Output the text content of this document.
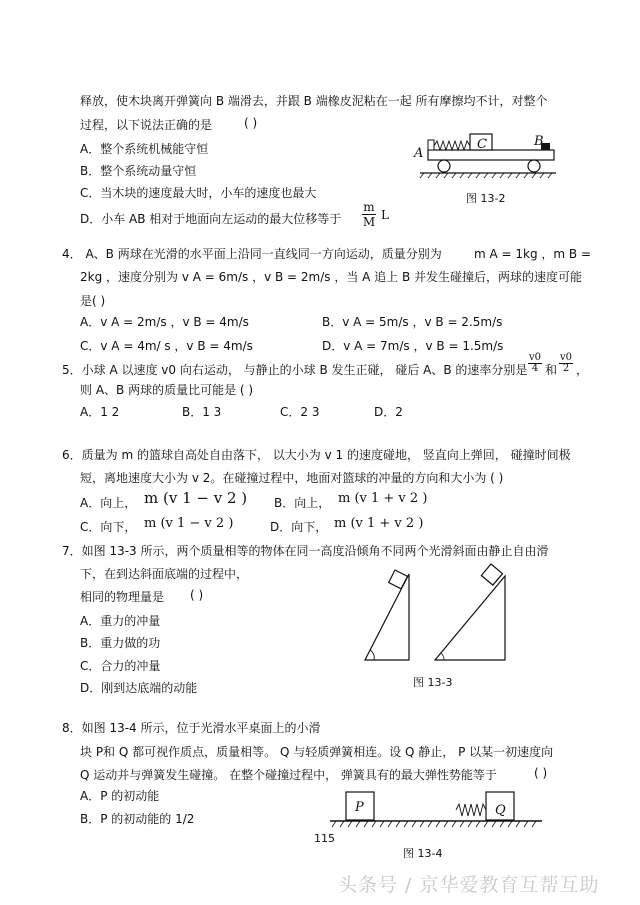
释放，使木块离开弹簧向 B 端滑去，并跟 B 端橡皮泥粘在一起 所有摩擦均不计，对整个
过程，以下说法正确的是	( )
A．整个系统机械能守恒
B．整个系统动量守恒
C．当木块的速度最大时，小车的速度也最大
D．小车 AB 相对于地面向左运动的最大位移等于 $\frac{m}{M}$ L
A
C	B
图 13-2
4． A、B 两球在光滑的水平面上沿同一直线同一方向运动，质量分别为	m A = 1kg ，m B =
2kg ，速度分别为 v A = 6m/s ，v B = 2m/s ，当 A 追上 B 并发生碰撞后，两球的速度可能
是( )
A．v A = 2m/s ，v B = 4m/s	B．v A = 5m/s ，v B = 2.5m/s
C．v A = 4m/ s ，v B = 4m/s	D．v A = 7m/s ，v B = 1.5m/s
5．小球 A 以速度 v0 向右运动， 与静止的小球 B 发生正碰， 碰后 A、B 的速率分别是 $\frac{v0}{4}$ 和 $\frac{v0}{2}$ ，
则 A、B 两球的质量比可能是 ( )
A．1 2	B．1 3	C．2 3	D．2
6．质量为 m 的篮球自高处自由落下， 以大小为 v 1 的速度碰地， 竖直向上弹回， 碰撞时间极
短，离地速度大小为 v 2。在碰撞过程中，地面对篮球的冲量的方向和大小为 ( )
A．向上， m (v 1 − v 2 ) B．向上， m (v 1 + v 2 )
C．向下， m (v 1 − v 2 )	D．向下， m (v 1 + v 2 )
7．如图 13-3 所示，两个质量相等的物体在同一高度沿倾角不同两个光滑斜面由静止自由滑
下，在到达斜面底端的过程中，
相同的物理量是 ( )
A．重力的冲量
B．重力做的功
C．合力的冲量
D．刚到达底端的动能	图 13-3
8．如图 13-4 所示，位于光滑水平桌面上的小滑
块 P和 Q 都可视作质点，质量相等。 Q 与轻质弹簧相连。设 Q 静止， P 以某一初速度向
Q 运动并与弹簧发生碰撞。 在整个碰撞过程中， 弹簧具有的最大弹性势能等于	( )
A．P 的初动能
B．P 的初动能的 1/2
P	Q
115
图 13-4
头条号 / 京华爱教育互帮互助
